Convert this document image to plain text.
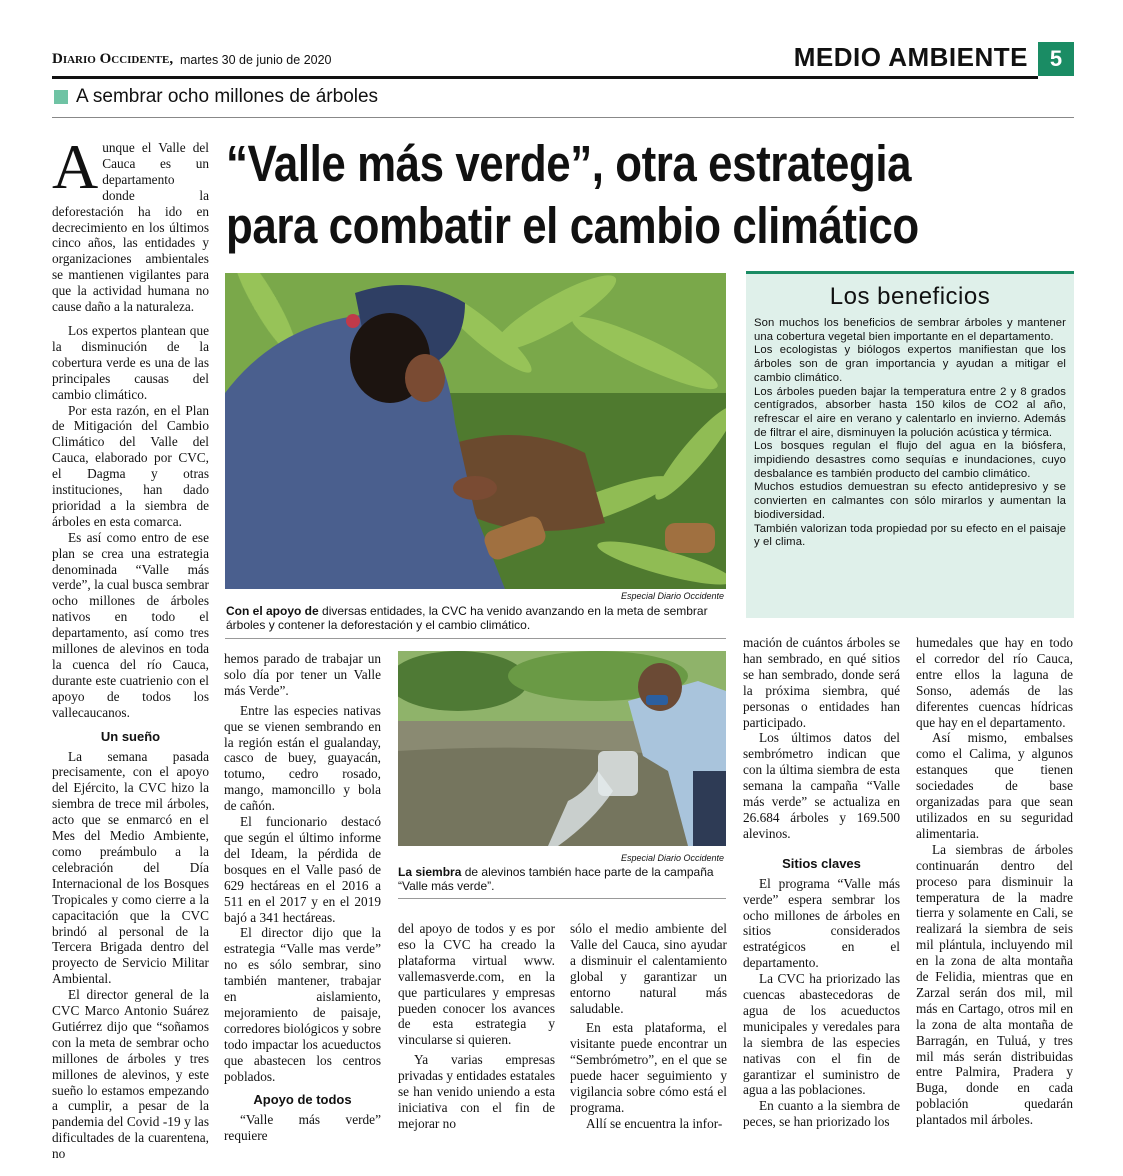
Diario Occidente, martes 30 de junio de 2020	MEDIO AMBIENTE 5
A sembrar ocho millones de árboles
“Valle más verde”, otra estrategia
para combatir el cambio climático

Aunque el Valle del Cauca es un departamento donde la deforestación ha ido en decrecimiento en los últimos cinco años, las entidades y organizaciones ambientales se mantienen vigilantes para que la actividad humana no cause daño a la naturaleza.

Los expertos plantean que la disminución de la cobertura verde es una de las principales causas del cambio climático.

Por esta razón, en el Plan de Mitigación del Cambio Climático del Valle del Cauca, elaborado por CVC, el Dagma y otras instituciones, han dado prioridad a la siembra de árboles en esta comarca.

Es así como entro de ese plan se crea una estrategia denominada “Valle más verde”, la cual busca sembrar ocho millones de árboles nativos en todo el departamento, así como tres millones de alevinos en toda la cuenca del río Cauca, durante este cuatrienio con el apoyo de todos los vallecaucanos.

Un sueño

La semana pasada precisamente, con el apoyo del Ejército, la CVC hizo la siembra de trece mil árboles, acto que se enmarcó en el Mes del Medio Ambiente, como preámbulo a la celebración del Día Internacional de los Bosques Tropicales y como cierre a la capacitación que la CVC brindó al personal de la Tercera Brigada dentro del proyecto de Servicio Militar Ambiental.

El director general de la CVC Marco Antonio Suárez Gutiérrez dijo que “soñamos con la meta de sembrar ocho millones de árboles y tres millones de alevinos, y este sueño lo estamos empezando a cumplir, a pesar de la pandemia del Covid -19 y las dificultades de la cuarentena, no

Especial Diario Occidente
Con el apoyo de diversas entidades, la CVC ha venido avanzando en la meta de sembrar árboles y contener la deforestación y el cambio climático.
Los beneficios
Son muchos los beneficios de sembrar árboles y mantener una cobertura vegetal bien importante en el departamento.
Los ecologistas y biólogos expertos manifiestan que los árboles son de gran importancia y ayudan a mitigar el cambio climático.
Los árboles pueden bajar la temperatura entre 2 y 8 grados centígrados, absorber hasta 150 kilos de CO2 al año, refrescar el aire en verano y calentarlo en invierno. Además de filtrar el aire, disminuyen la polución acústica y térmica.
Los bosques regulan el flujo del agua en la biósfera, impidiendo desastres como sequías e inundaciones, cuyo desbalance es también producto del cambio climático.
Muchos estudios demuestran su efecto antidepresivo y se convierten en calmantes con sólo mirarlos y aumentan la biodiversidad.
También valorizan toda propiedad por su efecto en el paisaje y el clima.

hemos parado de trabajar un solo día por tener un Valle más Verde”.

Entre las especies nativas que se vienen sembrando en la región están el gualanday, casco de buey, guayacán, totumo, cedro rosado, mango, mamoncillo y bola de cañón.

El funcionario destacó que según el último informe del Ideam, la pérdida de bosques en el Valle pasó de 629 hectáreas en el 2016 a 511 en el 2017 y en el 2019 bajó a 341 hectáreas.

El director dijo que la estrategia “Valle mas verde” no es sólo sembrar, sino también mantener, trabajar en aislamiento, mejoramiento de paisaje, corredores biológicos y sobre todo impactar los acueductos que abastecen los centros poblados.

Apoyo de todos

“Valle más verde” requiere

Especial Diario Occidente
La siembra de alevinos también hace parte de la campaña “Valle más verde”.

del apoyo de todos y es por eso la CVC ha creado la plataforma virtual www. vallemasverde.com, en la que particulares y empresas pueden conocer los avances de esta estrategia y vincularse si quieren.

Ya varias empresas privadas y entidades estatales se han venido uniendo a esta iniciativa con el fin de mejorar no

sólo el medio ambiente del Valle del Cauca, sino ayudar a disminuir el calentamiento global y garantizar un entorno natural más saludable.

En esta plataforma, el visitante puede encontrar un “Sembrómetro”, en el que se puede hacer seguimiento y vigilancia sobre cómo está el programa.

Allí se encuentra la infor-

mación de cuántos árboles se han sembrado, en qué sitios se han sembrado, donde será la próxima siembra, qué personas o entidades han participado.

Los últimos datos del sembrómetro indican que con la última siembra de esta semana la campaña “Valle más verde” se actualiza en 26.684 árboles y 169.500 alevinos.

Sitios claves

El programa “Valle más verde” espera sembrar los ocho millones de árboles en sitios considerados estratégicos en el departamento.

La CVC ha priorizado las cuencas abastecedoras de agua de los acueductos municipales y veredales para la siembra de las especies nativas con el fin de garantizar el suministro de agua a las poblaciones.

En cuanto a la siembra de peces, se han priorizado los

humedales que hay en todo el corredor del río Cauca, entre ellos la laguna de Sonso, además de las diferentes cuencas hídricas que hay en el departamento.

Así mismo, embalses como el Calima, y algunos estanques que tienen sociedades de base organizadas para que sean utilizados en su seguridad alimentaria.

La siembras de árboles continuarán dentro del proceso para disminuir la temperatura de la madre tierra y solamente en Cali, se realizará la siembra de seis mil plántula, incluyendo mil en la zona de alta montaña de Felidia, mientras que en Zarzal serán dos mil, mil más en Cartago, otros mil en la zona de alta montaña de Barragán, en Tuluá, y tres mil más serán distribuidas entre Palmira, Pradera y Buga, donde en cada población quedarán plantados mil árboles.
